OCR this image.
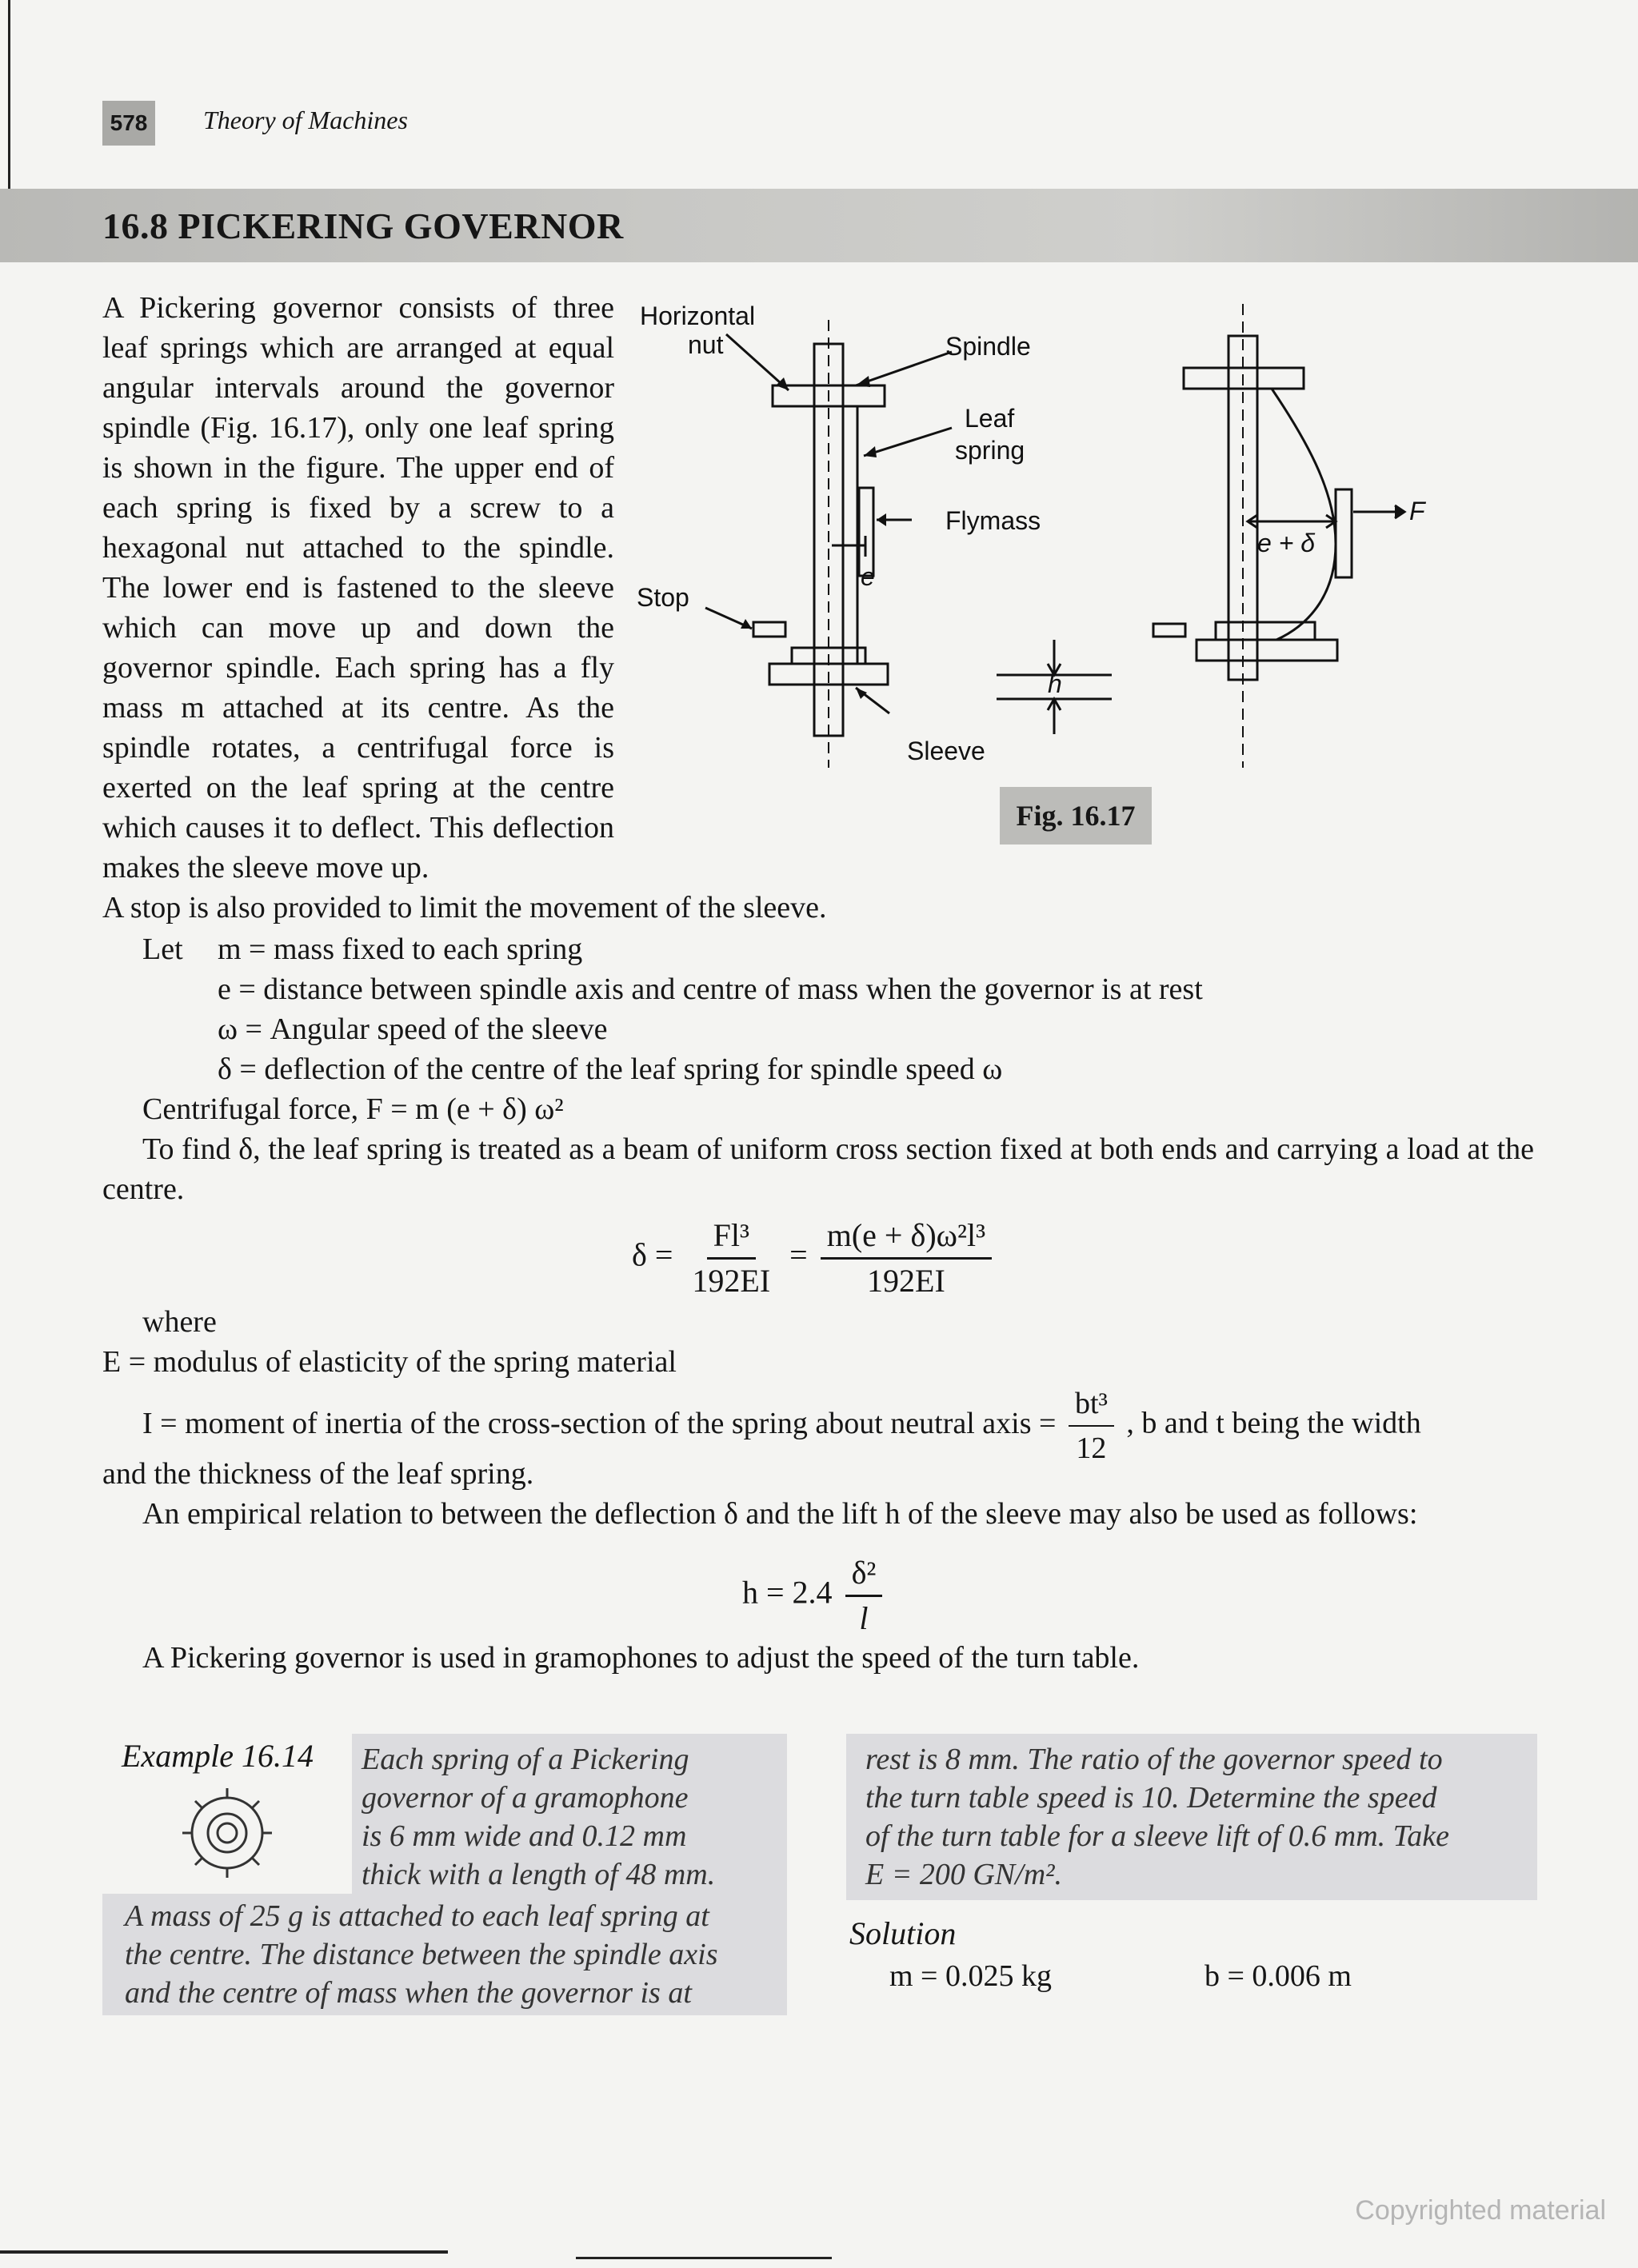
578	Theory of Machines
16.8 PICKERING GOVERNOR
A Pickering governor consists of three leaf springs which are arranged at equal angular intervals around the governor spindle (Fig. 16.17), only one leaf spring is shown in the figure. The upper end of each spring is fixed by a screw to a hexagonal nut attached to the spindle. The lower end is fastened to the sleeve which can move up and down the governor spindle. Each spring has a fly mass m attached at its centre. As the spindle rotates, a centrifugal force is exerted on the leaf spring at the centre which causes it to deflect. This deflection makes the sleeve move up.
A stop is also provided to limit the movement of the sleeve.
Horizontal
nut	Spindle
Leaf
spring
Flymass
Stop
Sleeve
e
h
e + δ
F
Fig. 16.17
Let m = mass fixed to each spring
e = distance between spindle axis and centre of mass when the governor is at rest
ω = Angular speed of the sleeve
δ = deflection of the centre of the leaf spring for spindle speed ω
Centrifugal force, F = m (e + δ) ω²
To find δ, the leaf spring is treated as a beam of uniform cross section fixed at both ends and carrying a load at the centre.
$\delta = \frac{\text{Fl³}}{192EI} = \frac{\text{m(e + δ)ω²l³}}{192EI}$
where
E = modulus of elasticity of the spring material
I = moment of inertia of the cross-section of the spring about neutral axis = $\frac{\text{bt³}}{12}$ , b and t being the width
and the thickness of the leaf spring.
An empirical relation to between the deflection δ and the lift h of the sleeve may also be used as follows:
$h = 2.4 \frac{\text{δ²}}{l}$
A Pickering governor is used in gramophones to adjust the speed of the turn table.
Example 16.14 Each spring of a Pickering
governor of a gramophone
is 6 mm wide and 0.12 mm
thick with a length of 48 mm.
A mass of 25 g is attached to each leaf spring at
the centre. The distance between the spindle axis
and the centre of mass when the governor is at
rest is 8 mm. The ratio of the governor speed to
the turn table speed is 10. Determine the speed
of the turn table for a sleeve lift of 0.6 mm. Take
E = 200 GN/m².
Solution
m = 0.025 kg	b = 0.006 m
Copyrighted material
